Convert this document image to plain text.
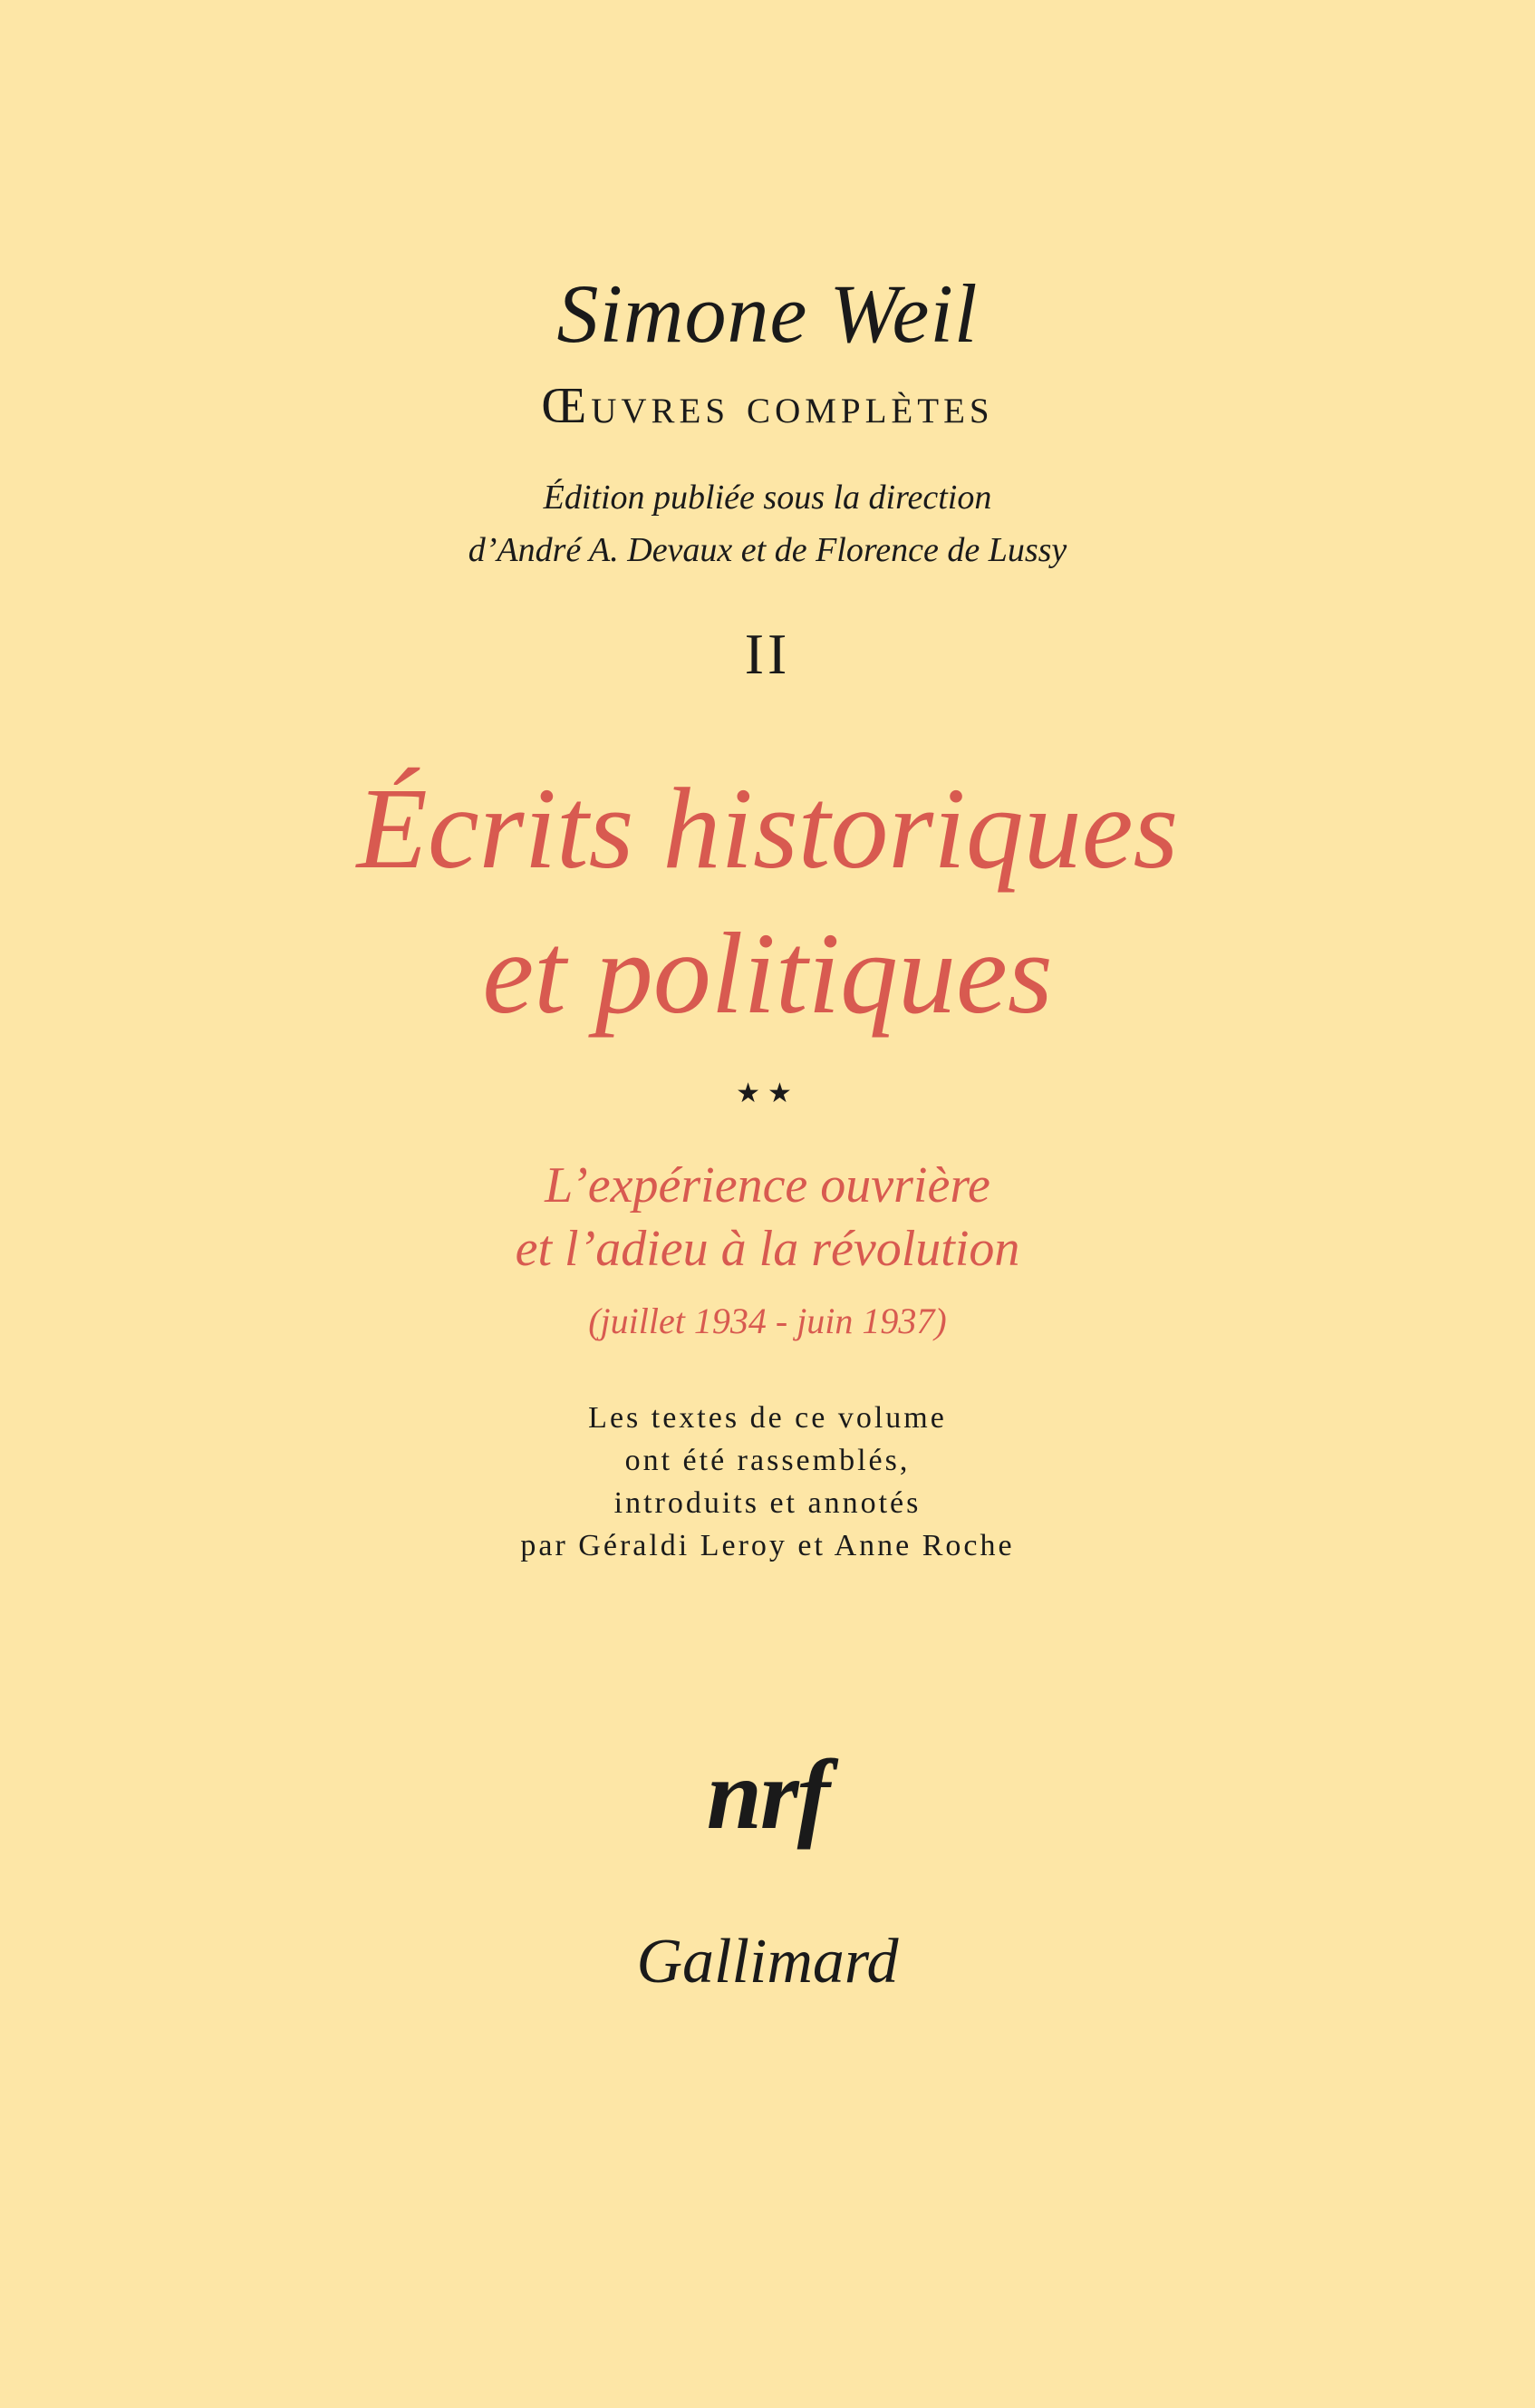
Simone Weil
Œuvres complètes
Édition publiée sous la direction
d’André A. Devaux et de Florence de Lussy
II
Écrits historiques
et politiques
★★
L’expérience ouvrière
et l’adieu à la révolution
(juillet 1934 - juin 1937)
Les textes de ce volume
ont été rassemblés,
introduits et annotés
par Géraldi Leroy et Anne Roche
nrf
Gallimard
